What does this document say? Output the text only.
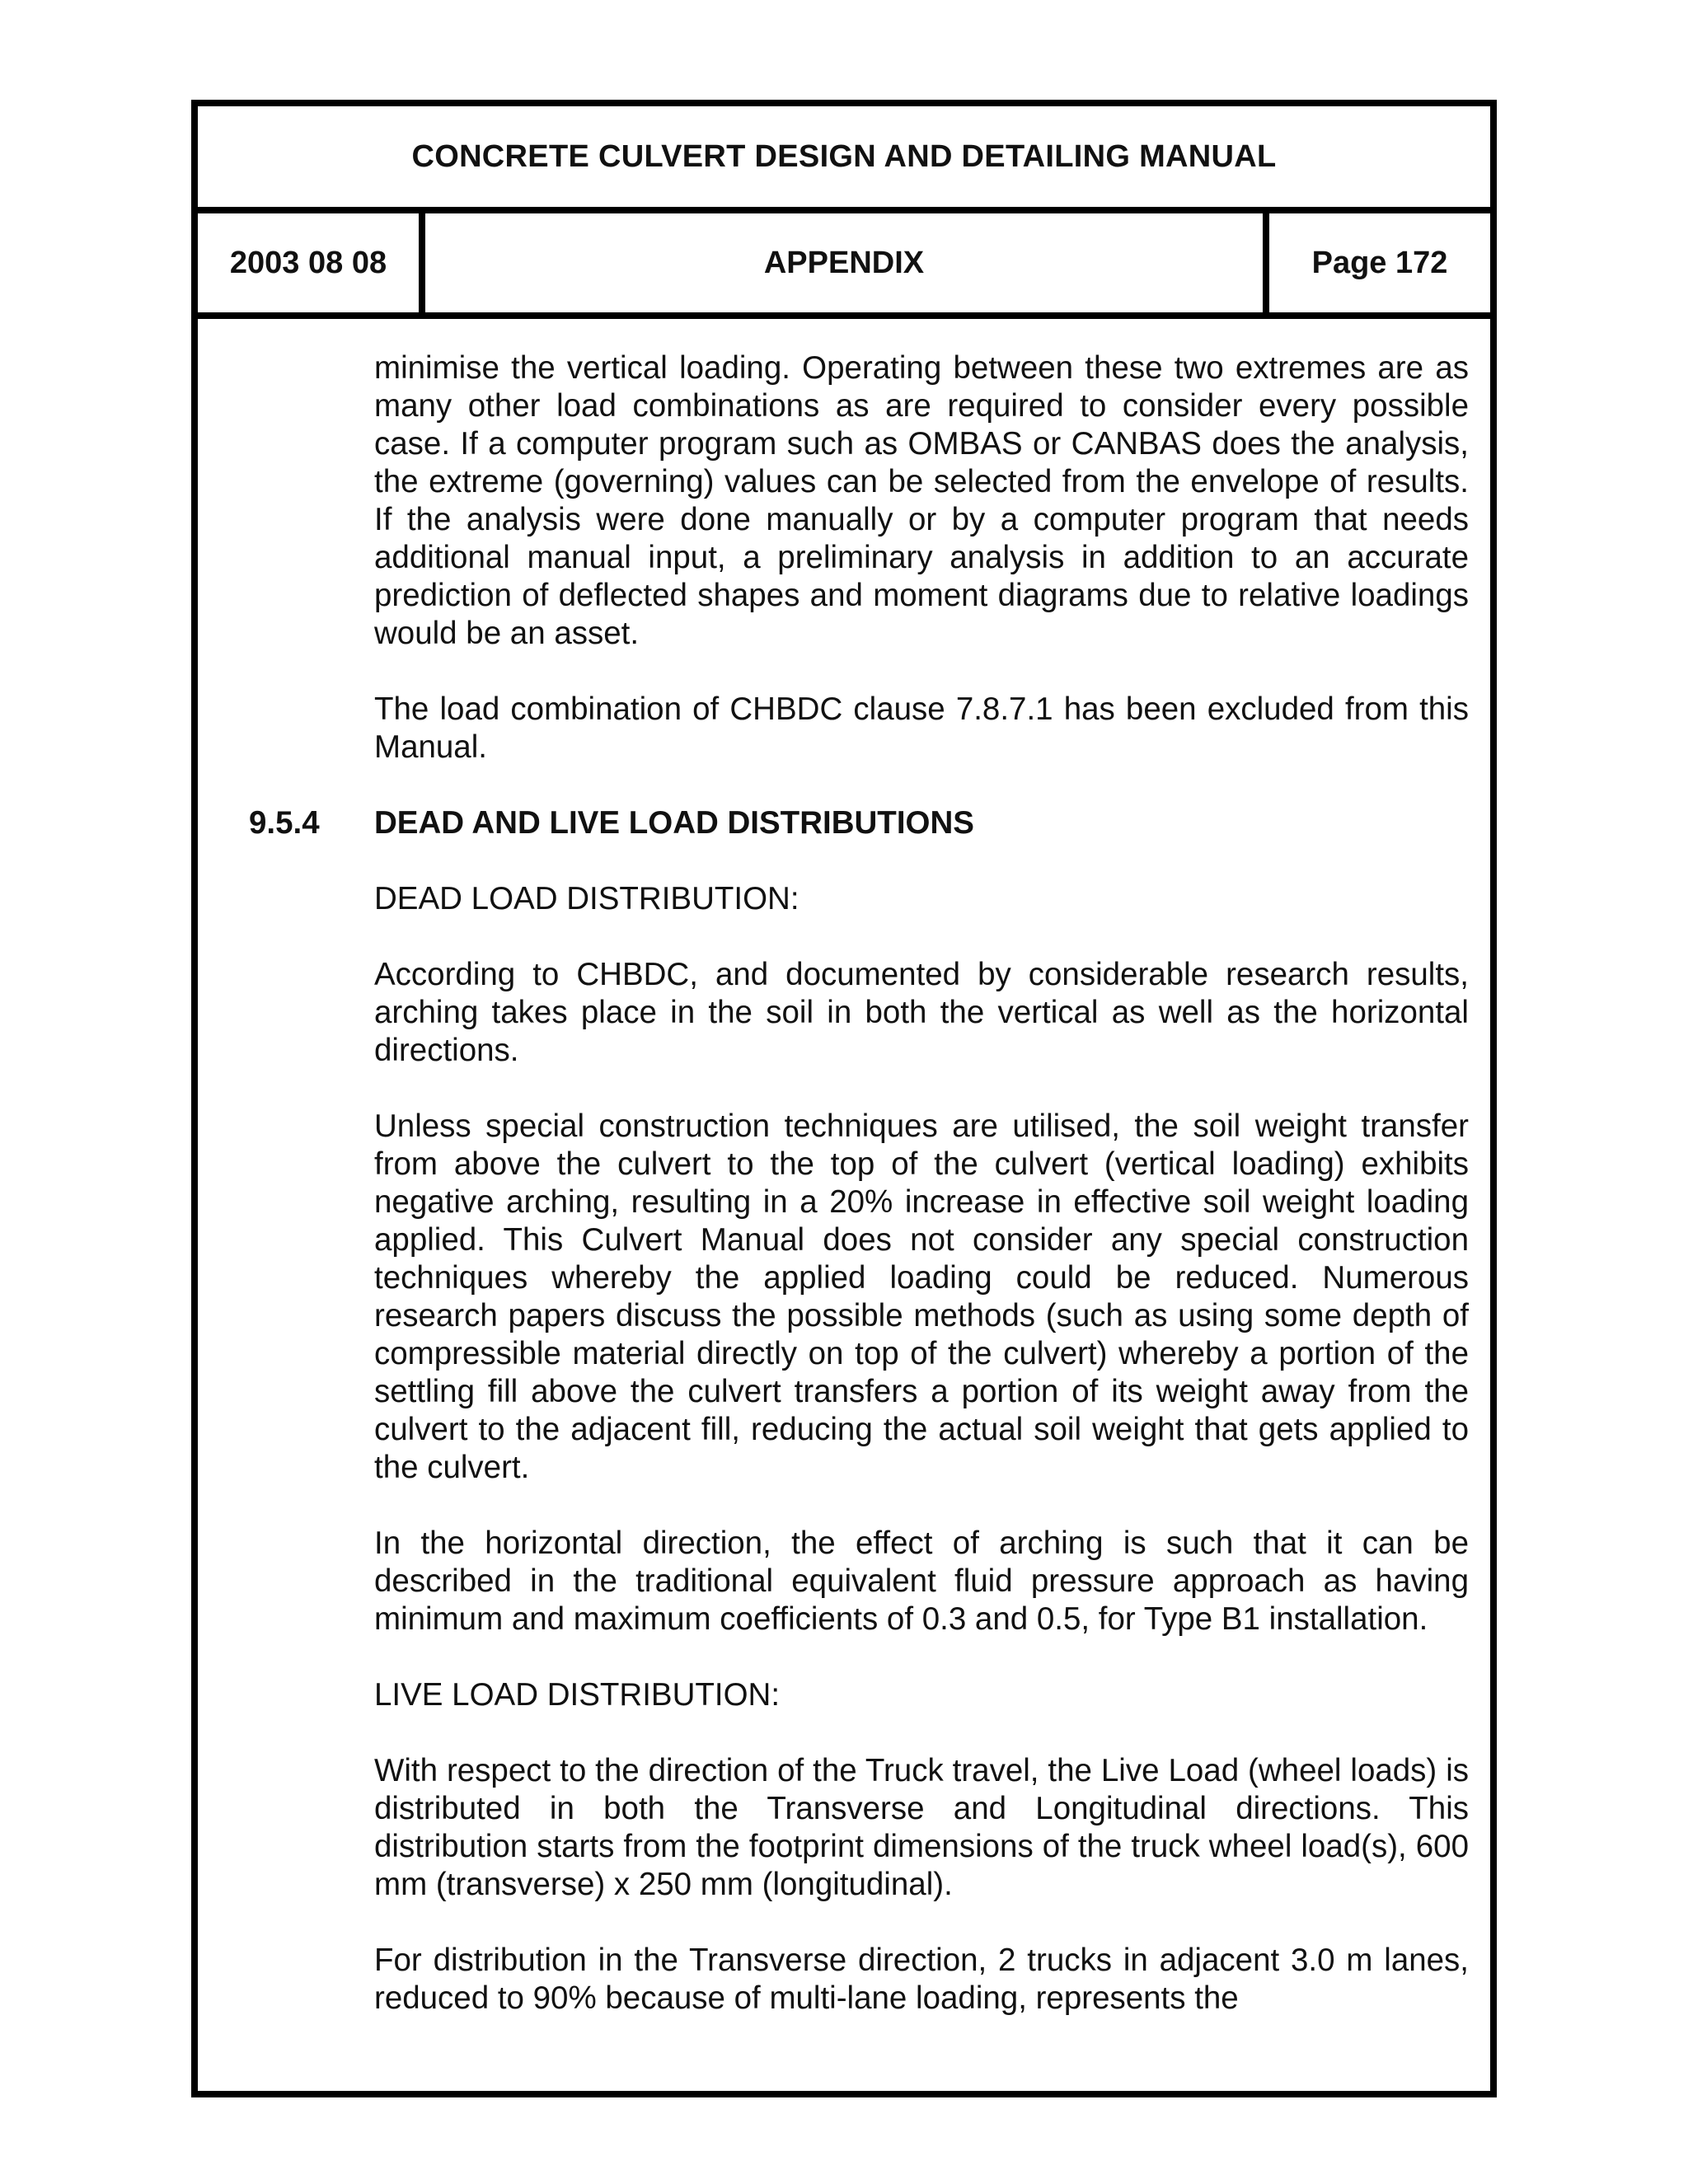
CONCRETE CULVERT DESIGN AND DETAILING MANUAL
2003 08 08	APPENDIX	Page 172

minimise the vertical loading. Operating between these two extremes are as many other load combinations as are required to consider every possible case. If a computer program such as OMBAS or CANBAS does the analysis, the extreme (governing) values can be selected from the envelope of results. If the analysis were done manually or by a computer program that needs additional manual input, a preliminary analysis in addition to an accurate prediction of deflected shapes and moment diagrams due to relative loadings would be an asset.

The load combination of CHBDC clause 7.8.7.1 has been excluded from this Manual.

9.5.4 DEAD AND LIVE LOAD DISTRIBUTIONS
DEAD LOAD DISTRIBUTION:

According to CHBDC, and documented by considerable research results, arching takes place in the soil in both the vertical as well as the horizontal directions.

Unless special construction techniques are utilised, the soil weight transfer from above the culvert to the top of the culvert (vertical loading) exhibits negative arching, resulting in a 20% increase in effective soil weight loading applied. This Culvert Manual does not consider any special construction techniques whereby the applied loading could be reduced. Numerous research papers discuss the possible methods (such as using some depth of compressible material directly on top of the culvert) whereby a portion of the settling fill above the culvert transfers a portion of its weight away from the culvert to the adjacent fill, reducing the actual soil weight that gets applied to the culvert.

In the horizontal direction, the effect of arching is such that it can be described in the traditional equivalent fluid pressure approach as having minimum and maximum coefficients of 0.3 and 0.5, for Type B1 installation.

LIVE LOAD DISTRIBUTION:

With respect to the direction of the Truck travel, the Live Load (wheel loads) is distributed in both the Transverse and Longitudinal directions. This distribution starts from the footprint dimensions of the truck wheel load(s), 600 mm (transverse) x 250 mm (longitudinal).

For distribution in the Transverse direction, 2 trucks in adjacent 3.0 m lanes, reduced to 90% because of multi-lane loading, represents the
